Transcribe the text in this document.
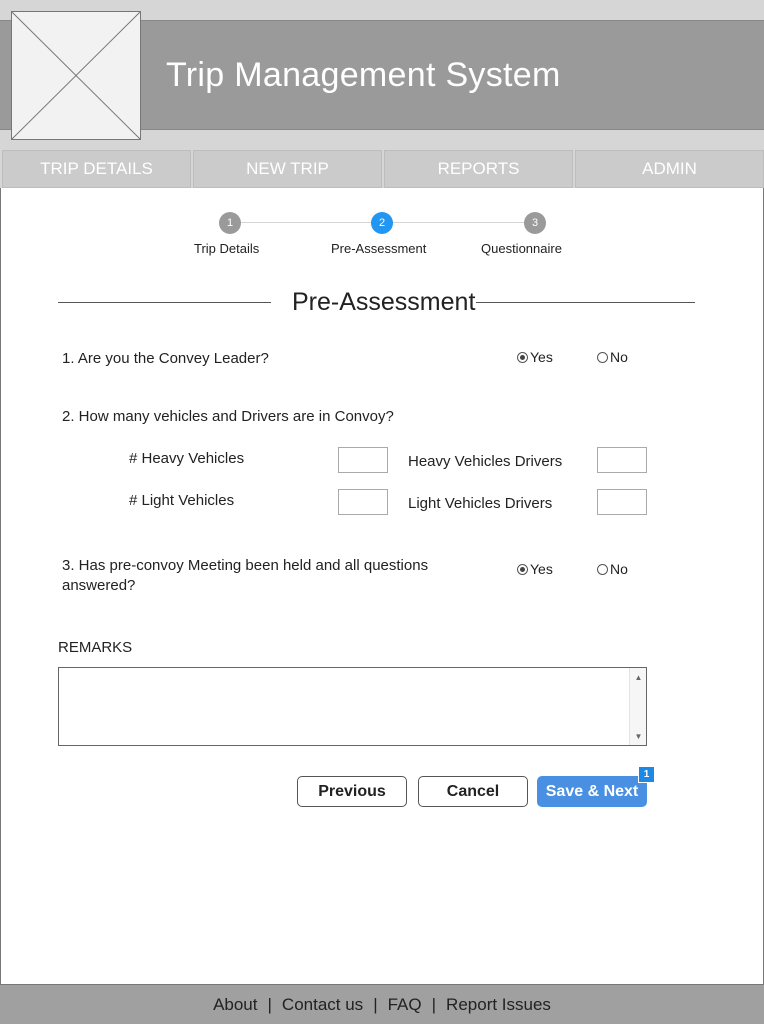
Trip Management System
TRIP DETAILS	NEW TRIP	REPORTS	ADMIN
1	2	3
Trip Details	Pre-Assessment	Questionnaire
Pre-Assessment
1. Are you the Convey Leader?	Yes	No
2. How many vehicles and Drivers are in Convoy?
# Heavy Vehicles	Heavy Vehicles Drivers
# Light Vehicles	Light Vehicles Drivers
3. Has pre-convoy Meeting been held and all questions
answered?
Yes	No
REMARKS
▲
▼
Previous	Cancel	Save & Next
1
About | Contact us | FAQ | Report Issues
